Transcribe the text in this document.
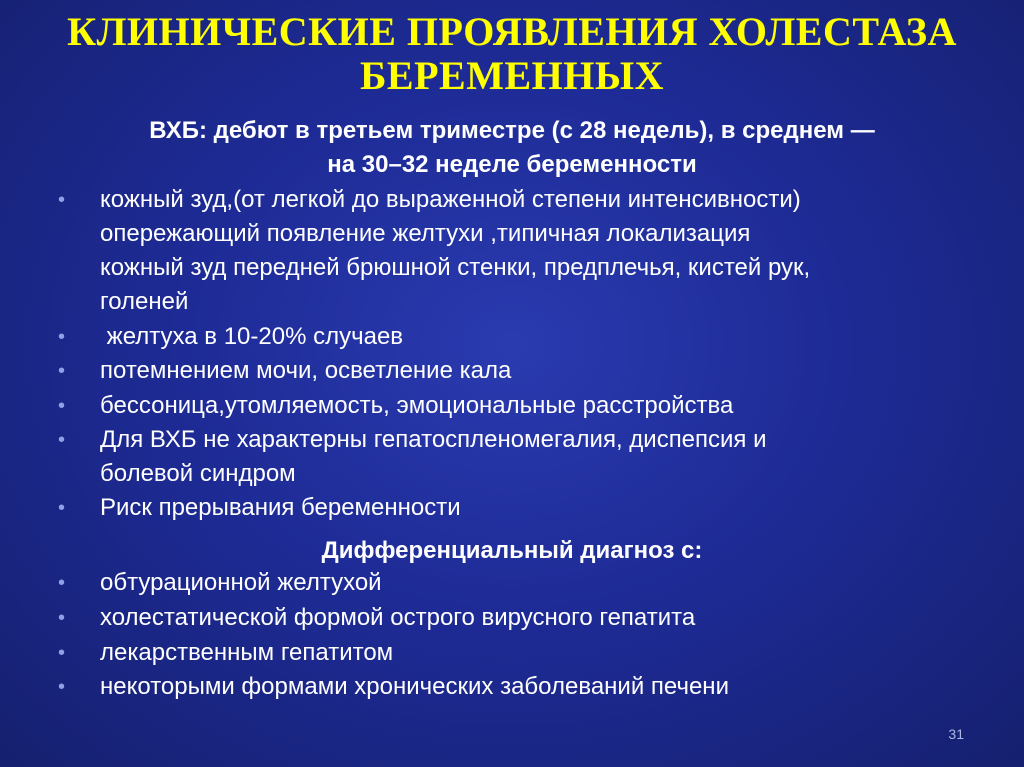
КЛИНИЧЕСКИЕ ПРОЯВЛЕНИЯ ХОЛЕСТАЗА
БЕРЕМЕННЫХ
ВХБ: дебют в третьем триместре (с 28 недель), в среднем —
на 30–32 неделе беременности
• кожный зуд,(от легкой до выраженной степени интенсивности)
опережающий появление желтухи ,типичная локализация
кожный зуд передней брюшной стенки, предплечья, кистей рук,
голеней
• желтуха в 10-20% случаев
• потемнением мочи, осветление кала
• бессоница,утомляемость, эмоциональные расстройства
• Для ВХБ не характерны гепатоспленомегалия, диспепсия и
болевой синдром
• Риск прерывания беременности
Дифференциальный диагноз с:
• обтурационной желтухой
• холестатической формой острого вирусного гепатита
• лекарственным гепатитом
• некоторыми формами хронических заболеваний печени
31
